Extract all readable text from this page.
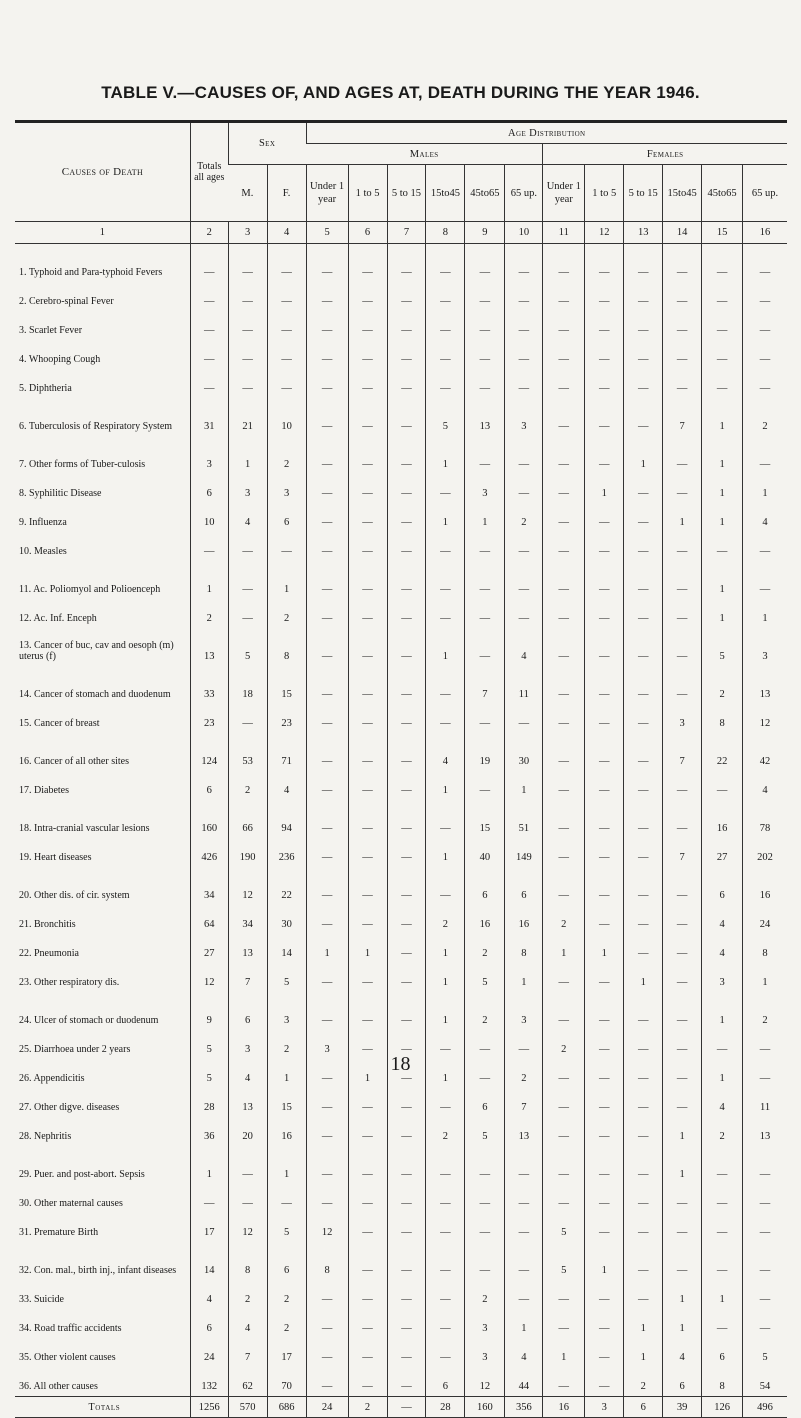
TABLE V.—CAUSES OF, AND AGES AT, DEATH DURING THE YEAR 1946.
Causes of Death	Totals all ages	Sex		Age Distribution											
				Males						Females					
		M.	F.	Under 1 year	1 to 5	5 to 15	15to45	45to65	65 up.	Under 1 year	1 to 5	5 to 15	15to45	45to65	65 up.
1	2	3	4	5	6	7	8	9	10	11	12	13	14	15	16
1. Typhoid and Para-typhoid Fevers	—	—	—	—	—	—	—	—	—	—	—	—	—	—	—
2. Cerebro-spinal Fever	—	—	—	—	—	—	—	—	—	—	—	—	—	—	—
3. Scarlet Fever	—	—	—	—	—	—	—	—	—	—	—	—	—	—	—
4. Whooping Cough	—	—	—	—	—	—	—	—	—	—	—	—	—	—	—
5. Diphtheria	—	—	—	—	—	—	—	—	—	—	—	—	—	—	—
6. Tuberculosis of Respiratory System	31	21	10	—	—	—	5	13	3	—	—	—	7	1	2
7. Other forms of Tuber-culosis	3	1	2	—	—	—	1	—	—	—	—	1	—	1	—
8. Syphilitic Disease	6	3	3	—	—	—	—	3	—	—	1	—	—	1	1
9. Influenza	10	4	6	—	—	—	1	1	2	—	—	—	1	1	4
10. Measles	—	—	—	—	—	—	—	—	—	—	—	—	—	—	—
11. Ac. Poliomyol and Polioenceph	1	—	1	—	—	—	—	—	—	—	—	—	—	1	—
12. Ac. Inf. Enceph	2	—	2	—	—	—	—	—	—	—	—	—	—	1	1
13. Cancer of buc, cav and oesoph (m) uterus (f)	13	5	8	—	—	—	1	—	4	—	—	—	—	5	3
14. Cancer of stomach and duodenum	33	18	15	—	—	—	—	7	11	—	—	—	—	2	13
15. Cancer of breast	23	—	23	—	—	—	—	—	—	—	—	—	3	8	12
16. Cancer of all other sites	124	53	71	—	—	—	4	19	30	—	—	—	7	22	42
17. Diabetes	6	2	4	—	—	—	1	—	1	—	—	—	—	—	4
18. Intra-cranial vascular lesions	160	66	94	—	—	—	—	15	51	—	—	—	—	16	78
19. Heart diseases	426	190	236	—	—	—	1	40	149	—	—	—	7	27	202
20. Other dis. of cir. system	34	12	22	—	—	—	—	6	6	—	—	—	—	6	16
21. Bronchitis	64	34	30	—	—	—	2	16	16	2	—	—	—	4	24
22. Pneumonia	27	13	14	1	1	—	1	2	8	1	1	—	—	4	8
23. Other respiratory dis.	12	7	5	—	—	—	1	5	1	—	—	1	—	3	1
24. Ulcer of stomach or duodenum	9	6	3	—	—	—	1	2	3	—	—	—	—	1	2
25. Diarrhoea under 2 years	5	3	2	3	—	—	—	—	—	2	—	—	—	—	—
26. Appendicitis	5	4	1	—	1	—	1	—	2	—	—	—	—	1	—
27. Other digve. diseases	28	13	15	—	—	—	—	6	7	—	—	—	—	4	11
28. Nephritis	36	20	16	—	—	—	2	5	13	—	—	—	1	2	13
29. Puer. and post-abort. Sepsis	1	—	1	—	—	—	—	—	—	—	—	—	1	—	—
30. Other maternal causes	—	—	—	—	—	—	—	—	—	—	—	—	—	—	—
31. Premature Birth	17	12	5	12	—	—	—	—	—	5	—	—	—	—	—
32. Con. mal., birth inj., infant diseases	14	8	6	8	—	—	—	—	—	5	1	—	—	—	—
33. Suicide	4	2	2	—	—	—	—	2	—	—	—	—	1	1	—
34. Road traffic accidents	6	4	2	—	—	—	—	3	1	—	—	1	1	—	—
35. Other violent causes	24	7	17	—	—	—	—	3	4	1	—	1	4	6	5
36. All other causes	132	62	70	—	—	—	6	12	44	—	—	2	6	8	54
Totals	1256	570	686	24	2	—	28	160	356	16	3	6	39	126	496
18
